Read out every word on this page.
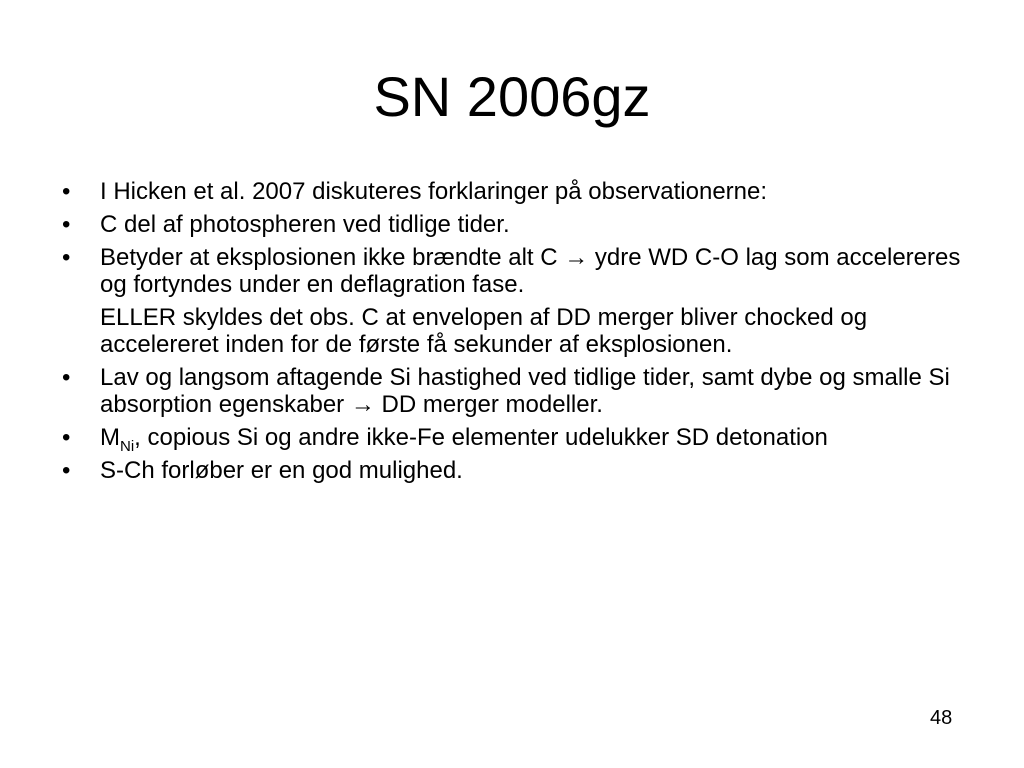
SN 2006gz
• I Hicken et al. 2007 diskuteres forklaringer på observationerne:
• C del af photospheren ved tidlige tider.
• Betyder at eksplosionen ikke brændte alt C → ydre WD C-O lag som accelereres og fortyndes under en deflagration fase.
ELLER skyldes det obs. C at envelopen af DD merger bliver chocked og accelereret inden for de første få sekunder af eksplosionen.
• Lav og langsom aftagende Si hastighed ved tidlige tider, samt dybe og smalle Si absorption egenskaber → DD merger modeller.
• $M_{Ni}$, copious Si og andre ikke-Fe elementer udelukker SD detonation
• S-Ch forløber er en god mulighed.
48
